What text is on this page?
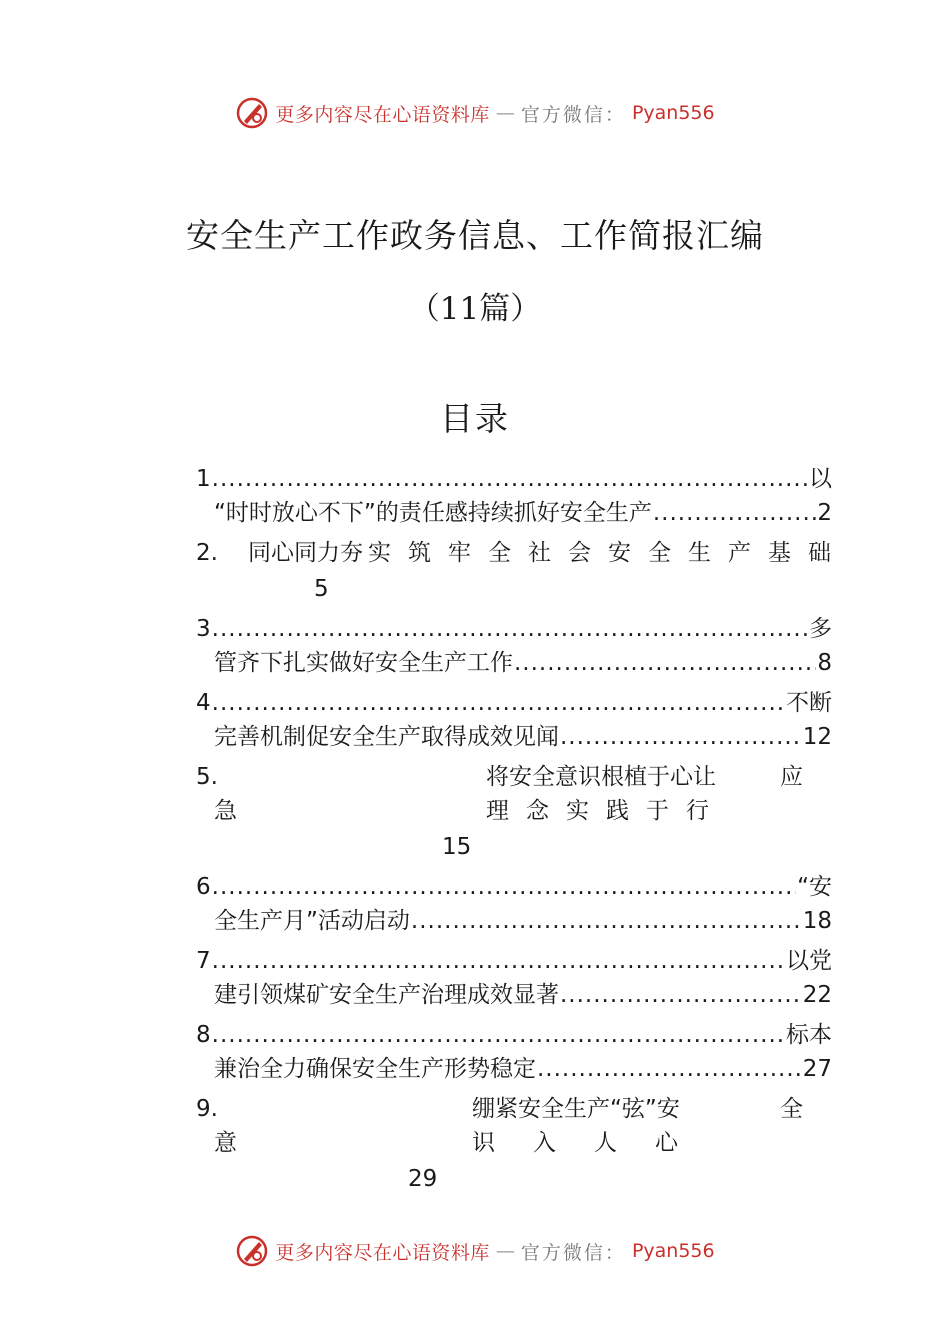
更多内容尽在心语资料库 — 官方微信： Pyan556
安全生产工作政务信息、工作简报汇编
（11篇）
目录
1 .....	以
“时时放心不下”的责任感持续抓好安全生产 .....	2
2. 同心同力夯 实筑牢全社会安全生产基础
5
3 .....	多
管齐下扎实做好安全生产工作 .....	8
4 .....	不断
完善机制促安全生产取得成效见闻 .....	12
5.	将安全意识根植于心让	应
急	理念实践于行
15
6 .....	“安
全生产月”活动启动 .....	18
7 .....	以党
建引领煤矿安全生产治理成效显著 .....	22
8 .....	标本
兼治全力确保安全生产形势稳定 .....	27
9.	绷紧安全生产“弦”安	全
意	识入人心
29
更多内容尽在心语资料库 — 官方微信： Pyan556
